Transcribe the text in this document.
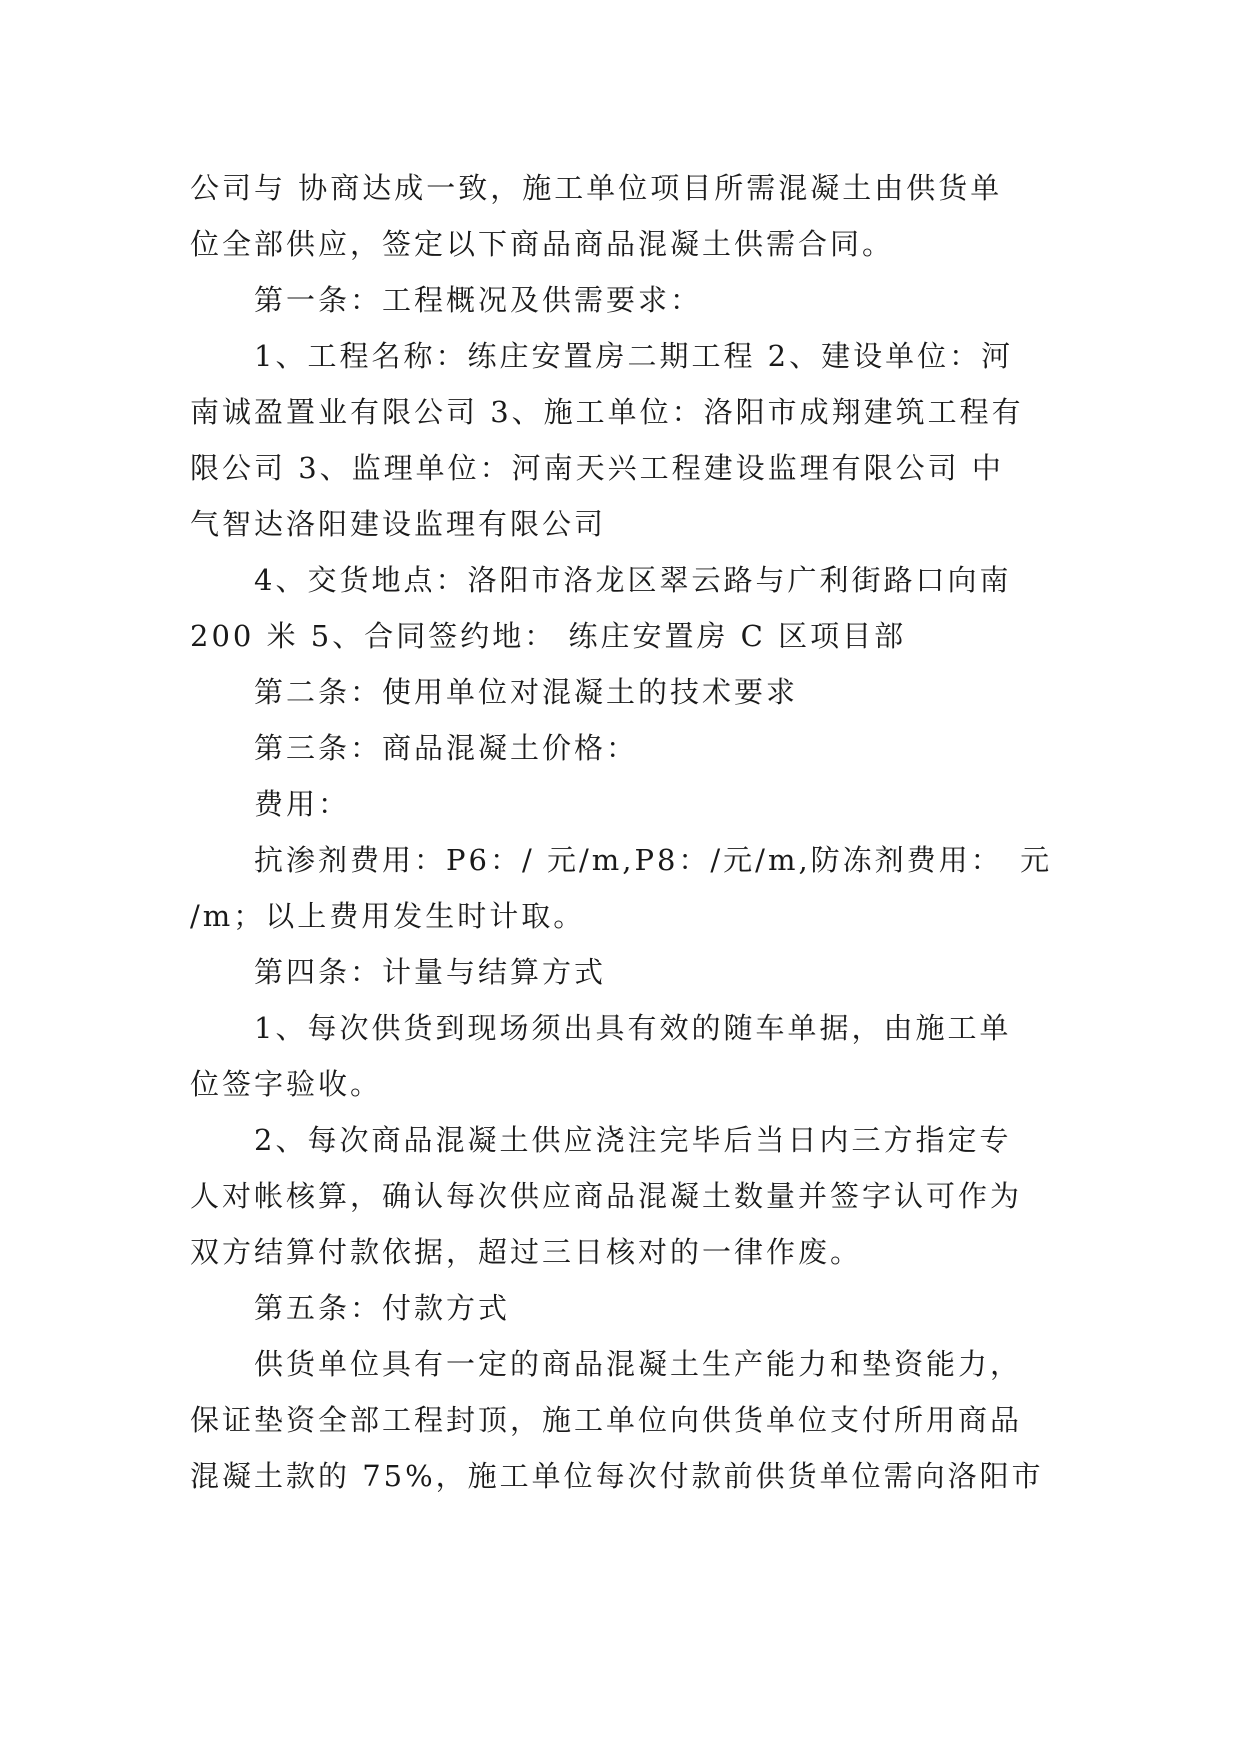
公司与 协商达成一致，施工单位项目所需混凝土由供货单
位全部供应，签定以下商品商品混凝土供需合同。
　　第一条：工程概况及供需要求：
　　1、工程名称：练庄安置房二期工程 2、建设单位：河
南诚盈置业有限公司 3、施工单位：洛阳市成翔建筑工程有
限公司 3、监理单位：河南天兴工程建设监理有限公司 中
气智达洛阳建设监理有限公司
　　4、交货地点：洛阳市洛龙区翠云路与广利街路口向南
200 米 5、合同签约地： 练庄安置房 C 区项目部
　　第二条：使用单位对混凝土的技术要求
　　第三条：商品混凝土价格：
　　费用：
　　抗渗剂费用：P6：/ 元/m,P8：/元/m,防冻剂费用：　元
/m；以上费用发生时计取。
　　第四条：计量与结算方式
　　1、每次供货到现场须出具有效的随车单据，由施工单
位签字验收。
　　2、每次商品混凝土供应浇注完毕后当日内三方指定专
人对帐核算，确认每次供应商品混凝土数量并签字认可作为
双方结算付款依据，超过三日核对的一律作废。
　　第五条：付款方式
　　供货单位具有一定的商品混凝土生产能力和垫资能力，
保证垫资全部工程封顶，施工单位向供货单位支付所用商品
混凝土款的 75%，施工单位每次付款前供货单位需向洛阳市
